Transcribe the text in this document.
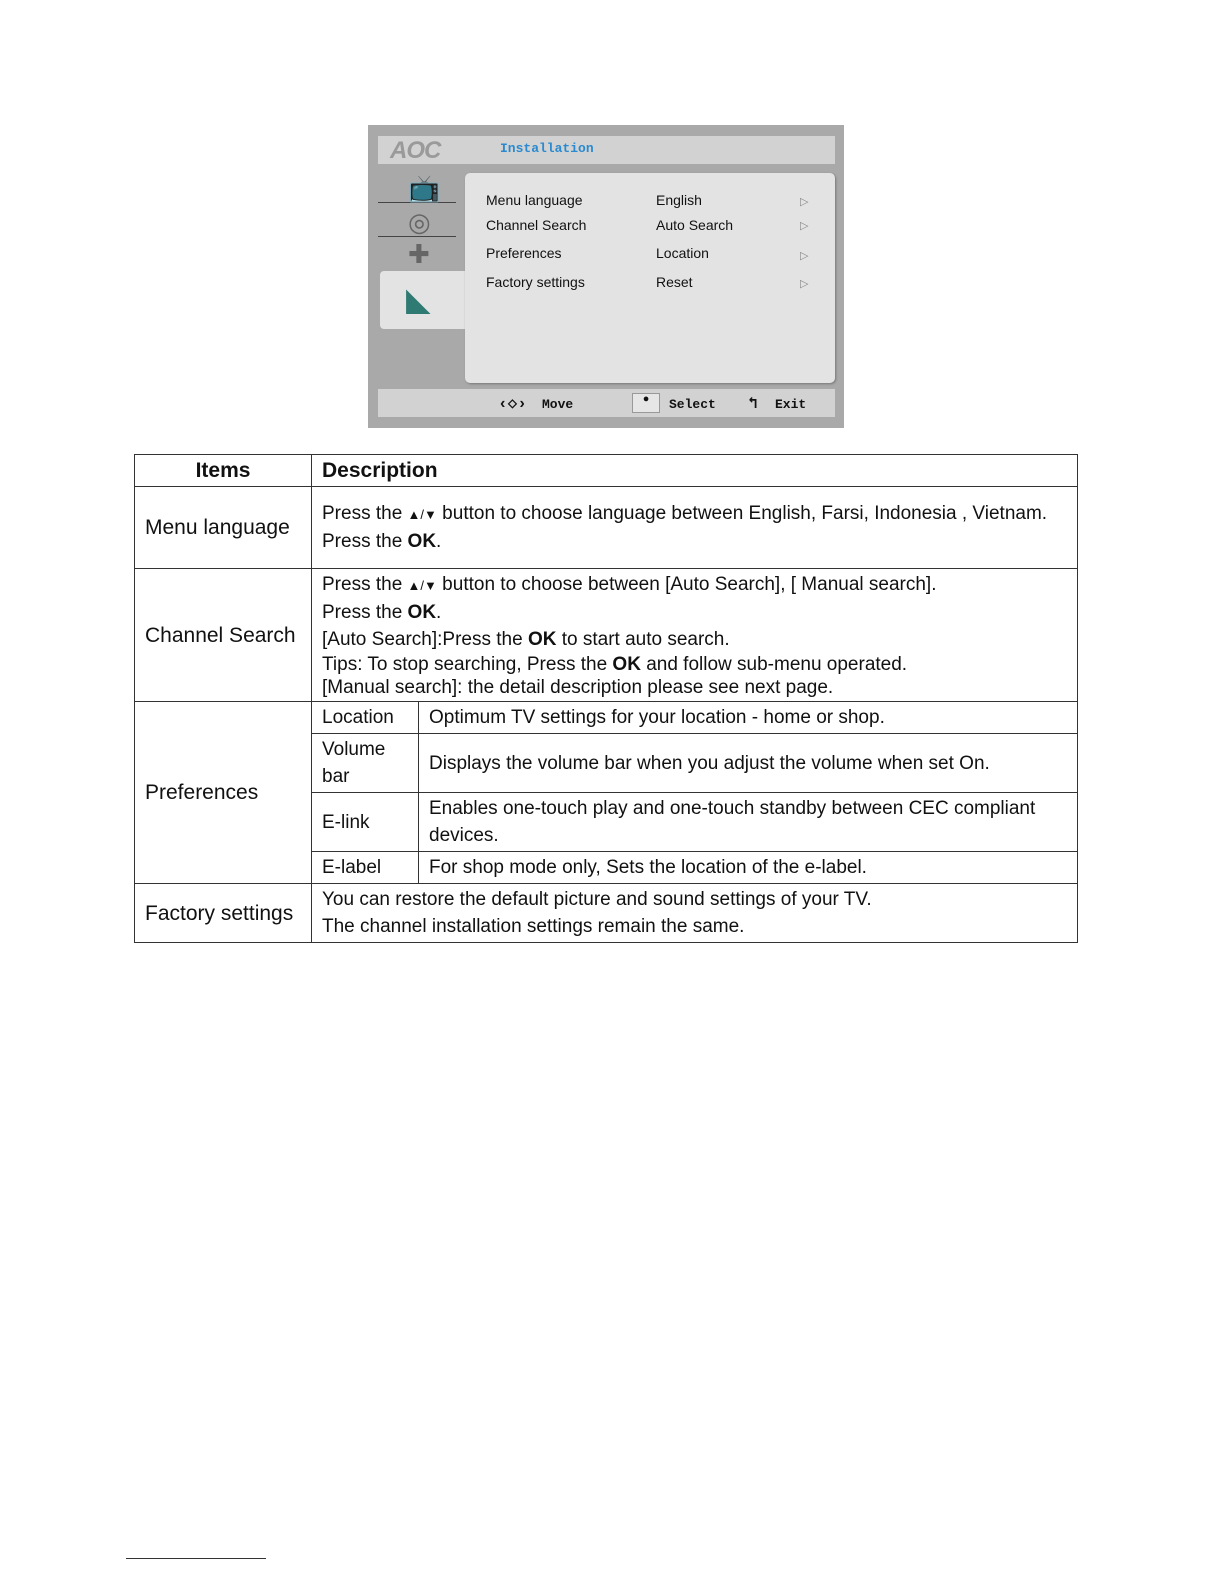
AOC	Installation
📺
◎
✚
◣
Menu language	English	▷
Channel Search	Auto Search	▷
Preferences	Location	▷
Factory settings	Reset	▷
‹◇› Move	●	Select ↰ Exit
Items	Description
Menu language	
Press the ▲/▼ button to choose language between English, Farsi, Indonesia , Vietnam.
Press the OK.

Channel Search	
Press the ▲/▼ button to choose between [Auto Search], [ Manual search].
Press the OK.
[Auto Search]:Press the OK to start auto search.
Tips: To stop searching, Press the OK and follow sub-menu operated.
[Manual search]: the detail description please see next page.

Preferences	
Location	Optimum TV settings for your location - home or shop.
Volume bar	Displays the volume bar when you adjust the volume when set On.
E-link	Enables one-touch play and one-touch standby between CEC compliant devices.
E-label	For shop mode only, Sets the location of the e-label.

Factory settings	
You can restore the default picture and sound settings of your TV.
The channel installation settings remain the same.
